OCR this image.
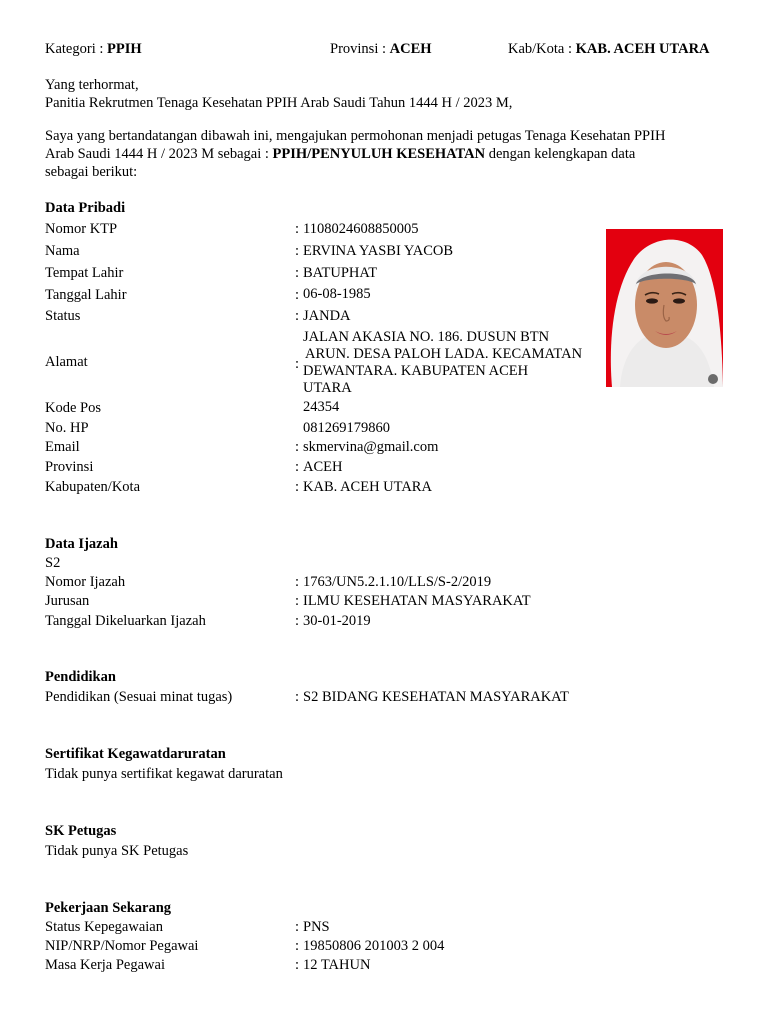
Kategori : PPIH	Provinsi : ACEH	Kab/Kota : KAB. ACEH UTARA
Yang terhormat,
Panitia Rekrutmen Tenaga Kesehatan PPIH Arab Saudi Tahun 1444 H / 2023 M,
Saya yang bertandatangan dibawah ini, mengajukan permohonan menjadi petugas Tenaga Kesehatan PPIH
Arab Saudi 1444 H / 2023 M sebagai : PPIH/PENYULUH KESEHATAN dengan kelengkapan data
sebagai berikut:
Data Pribadi
Nomor KTP	: 1108024608850005
Nama	: ERVINA YASBI YACOB
Tempat Lahir	: BATUPHAT
Tanggal Lahir	: 06-08-1985
Status	: JANDA
Alamat	:
JALAN AKASIA NO. 186. DUSUN BTN
ARUN. DESA PALOH LADA. KECAMATAN
DEWANTARA. KABUPATEN ACEH
UTARA
Kode Pos	24354
No. HP	081269179860
Email	: skmervina@gmail.com
Provinsi	: ACEH
Kabupaten/Kota	: KAB. ACEH UTARA
Data Ijazah
S2
Nomor Ijazah	: 1763/UN5.2.1.10/LLS/S-2/2019
Jurusan	: ILMU KESEHATAN MASYARAKAT
Tanggal Dikeluarkan Ijazah	: 30-01-2019
Pendidikan
Pendidikan (Sesuai minat tugas)	: S2 BIDANG KESEHATAN MASYARAKAT
Sertifikat Kegawatdaruratan
Tidak punya sertifikat kegawat daruratan
SK Petugas
Tidak punya SK Petugas
Pekerjaan Sekarang
Status Kepegawaian	: PNS
NIP/NRP/Nomor Pegawai	: 19850806 201003 2 004
Masa Kerja Pegawai	: 12 TAHUN
